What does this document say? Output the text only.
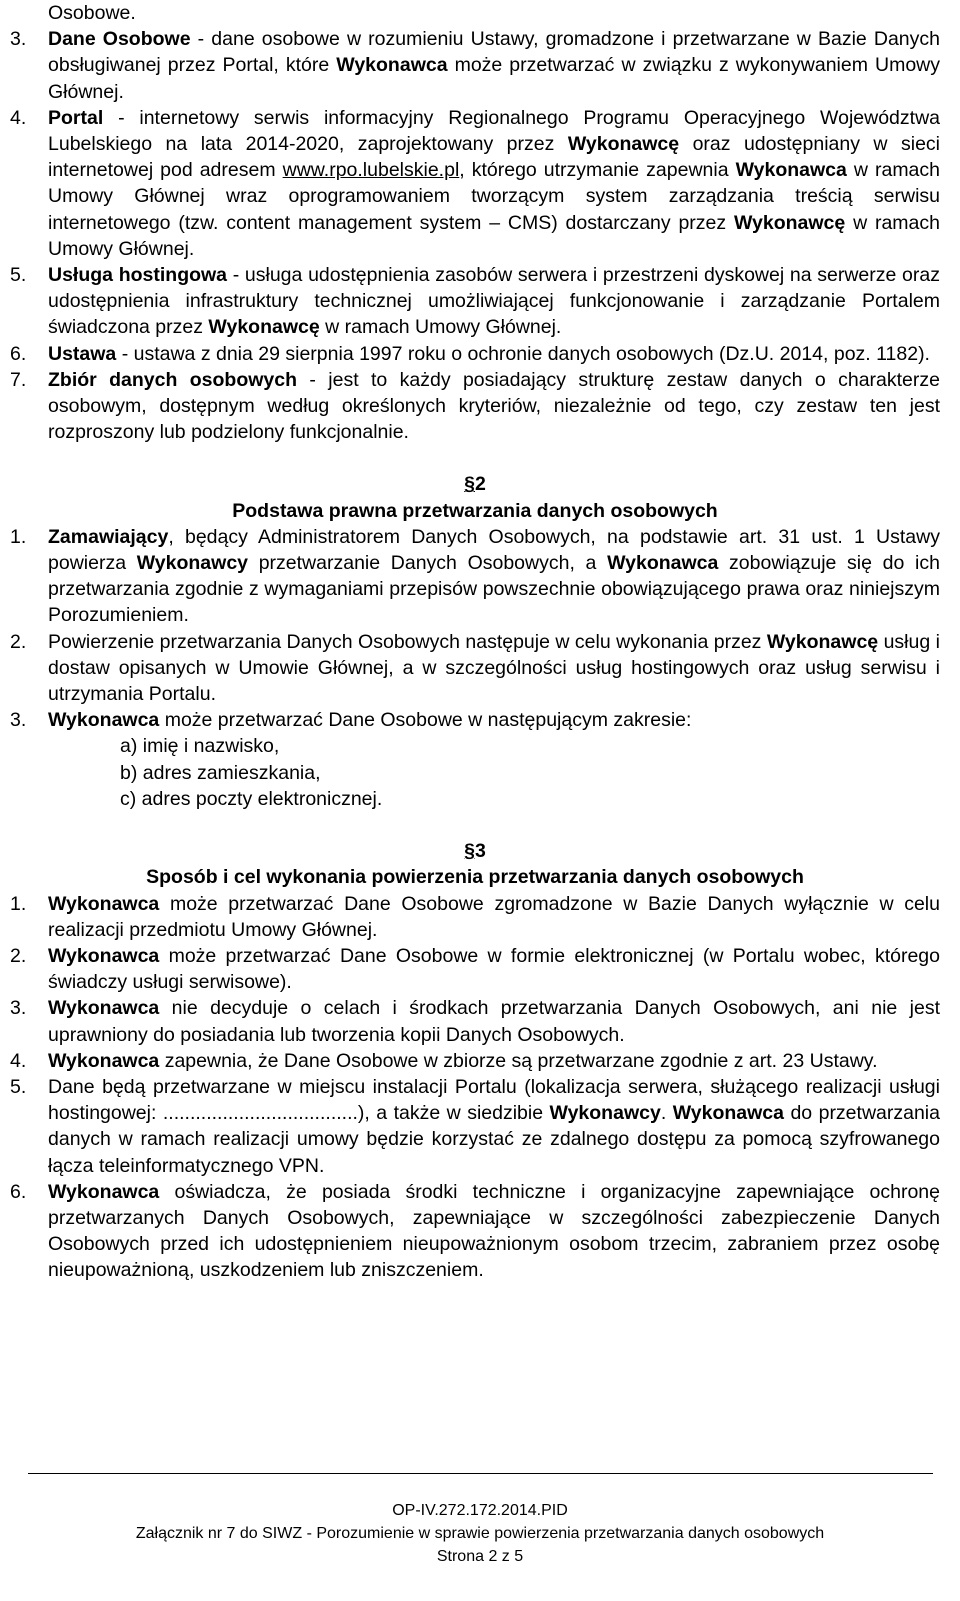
Osobowe.

3. Dane Osobowe - dane osobowe w rozumieniu Ustawy, gromadzone i przetwarzane w Bazie Danych obsługiwanej przez Portal, które Wykonawca może przetwarzać w związku z wykonywaniem Umowy Głównej.

4. Portal - internetowy serwis informacyjny Regionalnego Programu Operacyjnego Województwa Lubelskiego na lata 2014-2020, zaprojektowany przez Wykonawcę oraz udostępniany w sieci internetowej pod adresem www.rpo.lubelskie.pl, którego utrzymanie zapewnia Wykonawca w ramach Umowy Głównej wraz oprogramowaniem tworzącym system zarządzania treścią serwisu internetowego (tzw. content management system – CMS) dostarczany przez Wykonawcę w ramach Umowy Głównej.

5. Usługa hostingowa - usługa udostępnienia zasobów serwera i przestrzeni dyskowej na serwerze oraz udostępnienia infrastruktury technicznej umożliwiającej funkcjonowanie i zarządzanie Portalem świadczona przez Wykonawcę w ramach Umowy Głównej.

6. Ustawa - ustawa z dnia 29 sierpnia 1997 roku o ochronie danych osobowych (Dz.U. 2014, poz. 1182).

7. Zbiór danych osobowych - jest to każdy posiadający strukturę zestaw danych o charakterze osobowym, dostępnym według określonych kryteriów, niezależnie od tego, czy zestaw ten jest rozproszony lub podzielony funkcjonalnie.

§2

Podstawa prawna przetwarzania danych osobowych

1. Zamawiający, będący Administratorem Danych Osobowych, na podstawie art. 31 ust. 1 Ustawy powierza Wykonawcy przetwarzanie Danych Osobowych, a Wykonawca zobowiązuje się do ich przetwarzania zgodnie z wymaganiami przepisów powszechnie obowiązującego prawa oraz niniejszym Porozumieniem.

2. Powierzenie przetwarzania Danych Osobowych następuje w celu wykonania przez Wykonawcę usług i dostaw opisanych w Umowie Głównej, a w szczególności usług hostingowych oraz usług serwisu i utrzymania Portalu.

3. Wykonawca może przetwarzać Dane Osobowe w następującym zakresie:

a) imię i nazwisko,

b) adres zamieszkania,

c) adres poczty elektronicznej.

§3

Sposób i cel wykonania powierzenia przetwarzania danych osobowych

1. Wykonawca może przetwarzać Dane Osobowe zgromadzone w Bazie Danych wyłącznie w celu realizacji przedmiotu Umowy Głównej.

2. Wykonawca może przetwarzać Dane Osobowe w formie elektronicznej (w Portalu wobec, którego świadczy usługi serwisowe).

3. Wykonawca nie decyduje o celach i środkach przetwarzania Danych Osobowych, ani nie jest uprawniony do posiadania lub tworzenia kopii Danych Osobowych.

4. Wykonawca zapewnia, że Dane Osobowe w zbiorze są przetwarzane zgodnie z art. 23 Ustawy.

5. Dane będą przetwarzane w miejscu instalacji Portalu (lokalizacja serwera, służącego realizacji usługi hostingowej: ....................................), a także w siedzibie Wykonawcy. Wykonawca do przetwarzania danych w ramach realizacji umowy będzie korzystać ze zdalnego dostępu za pomocą szyfrowanego łącza teleinformatycznego VPN.

6. Wykonawca oświadcza, że posiada środki techniczne i organizacyjne zapewniające ochronę przetwarzanych Danych Osobowych, zapewniające w szczególności zabezpieczenie Danych Osobowych przed ich udostępnieniem nieupoważnionym osobom trzecim, zabraniem przez osobę nieupoważnioną, uszkodzeniem lub zniszczeniem.

OP-IV.272.172.2014.PID
Załącznik nr 7 do SIWZ - Porozumienie w sprawie powierzenia przetwarzania danych osobowych
Strona 2 z 5
